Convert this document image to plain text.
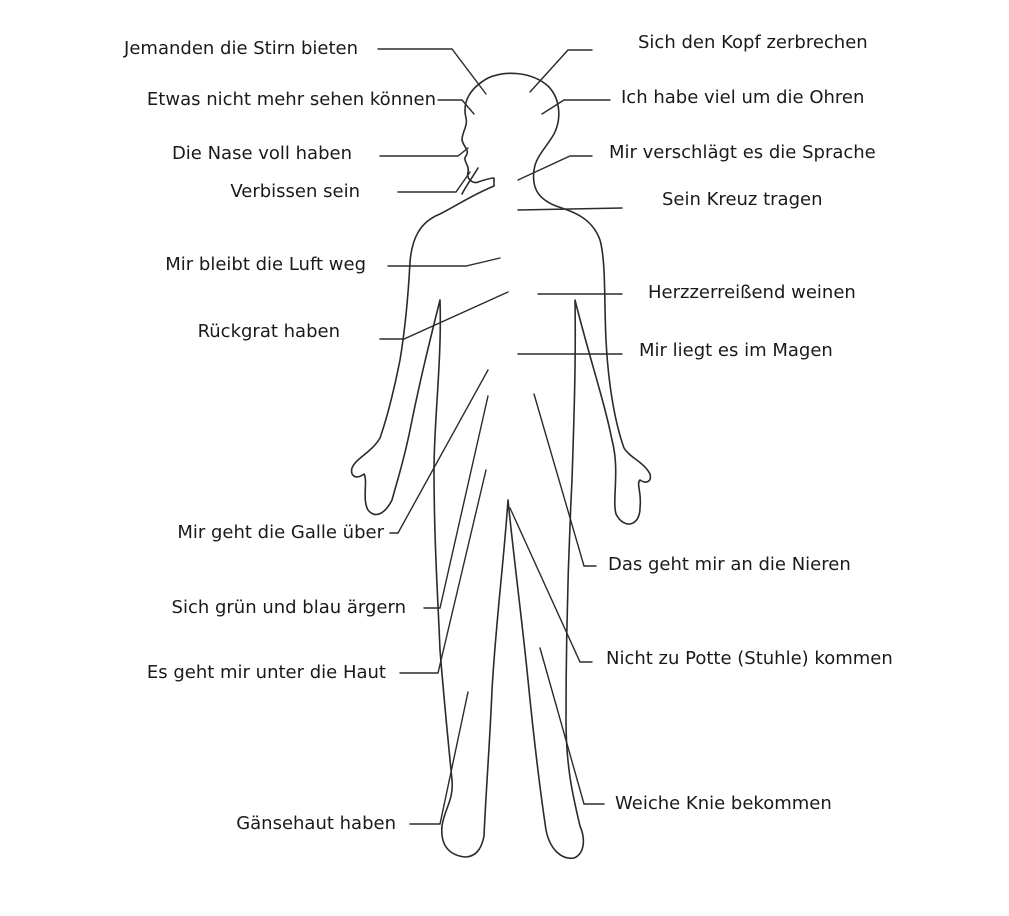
Jemanden die Stirn bieten
Etwas nicht mehr sehen können
Die Nase voll haben
Verbissen sein
Mir bleibt die Luft weg
Rückgrat haben
Mir geht die Galle über
Sich grün und blau ärgern
Es geht mir unter die Haut
Gänsehaut haben
Sich den Kopf zerbrechen
Ich habe viel um die Ohren
Mir verschlägt es die Sprache
Sein Kreuz tragen
Herzzerreißend weinen
Mir liegt es im Magen
Das geht mir an die Nieren
Nicht zu Potte (Stuhle) kommen
Weiche Knie bekommen
